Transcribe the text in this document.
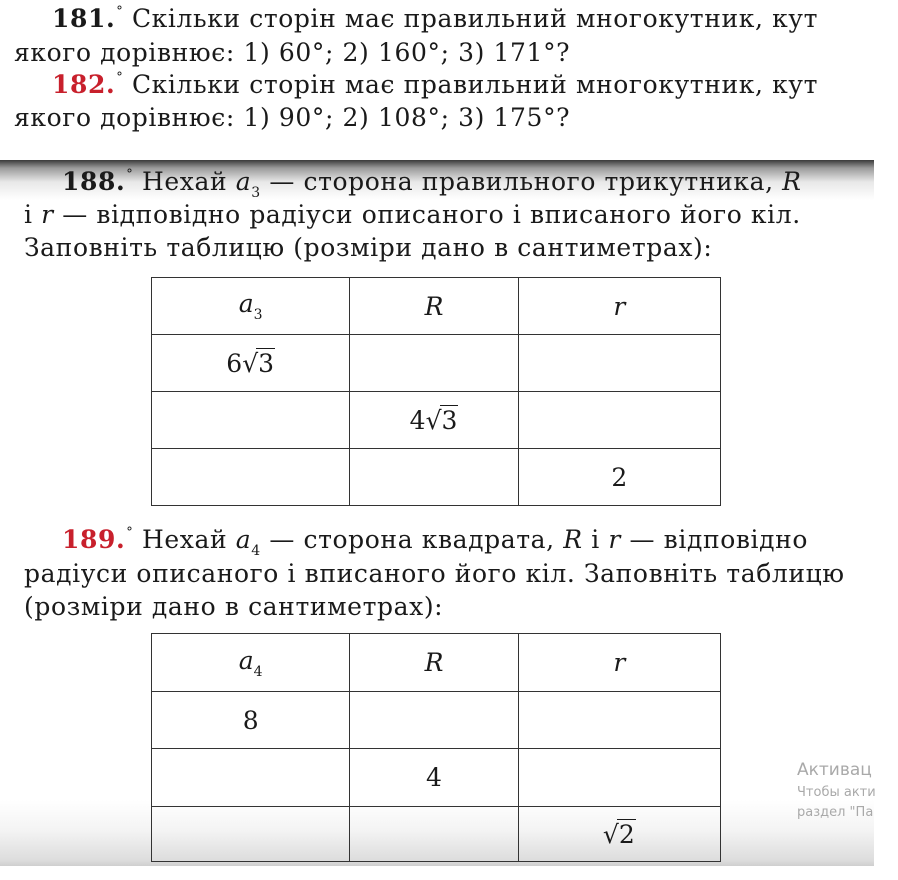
181.° Скільки сторін має правильний многокутник, кут
якого дорівнює: 1) 60°; 2) 160°; 3) 171°?
182.° Скільки сторін має правильний многокутник, кут
якого дорівнює: 1) 90°; 2) 108°; 3) 175°?
188.° Нехай $a_3$ — сторона правильного трикутника, R
і r — відповідно радіуси описаного і вписаного його кіл.
Заповніть таблицю (розміри дано в сантиметрах):
$a_3$	R	r
6√3		
	4√3	
		2
189.° Нехай $a_4$ — сторона квадрата, R і r — відповідно
радіуси описаного і вписаного його кіл. Заповніть таблицю
(розміри дано в сантиметрах):
$a_4$	R	r
8		
	4	
		√2
Активац
Чтобы акти
раздел "Па
